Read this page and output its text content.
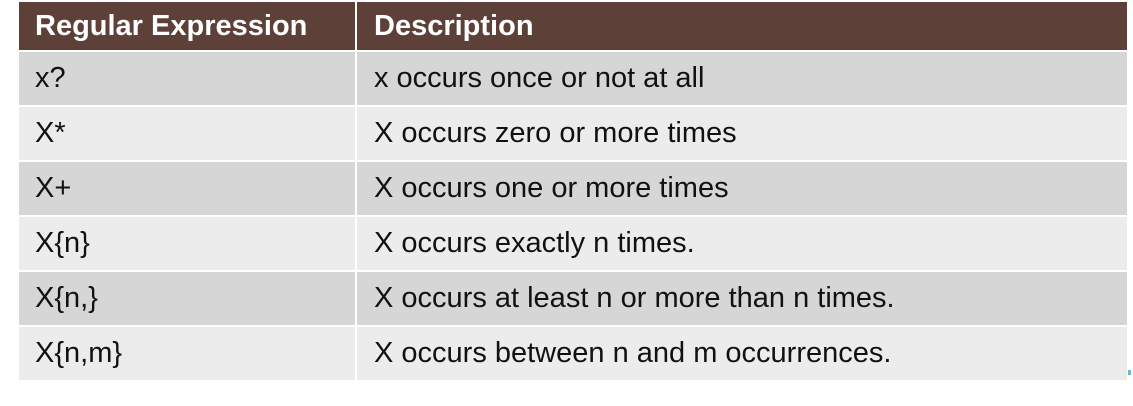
Regular Expression	Description
x?	x occurs once or not at all
X*	X occurs zero or more times
X+	X occurs one or more times
X{n}	X occurs exactly n times.
X{n,}	X occurs at least n or more than n times.
X{n,m}	X occurs between n and m occurrences.
